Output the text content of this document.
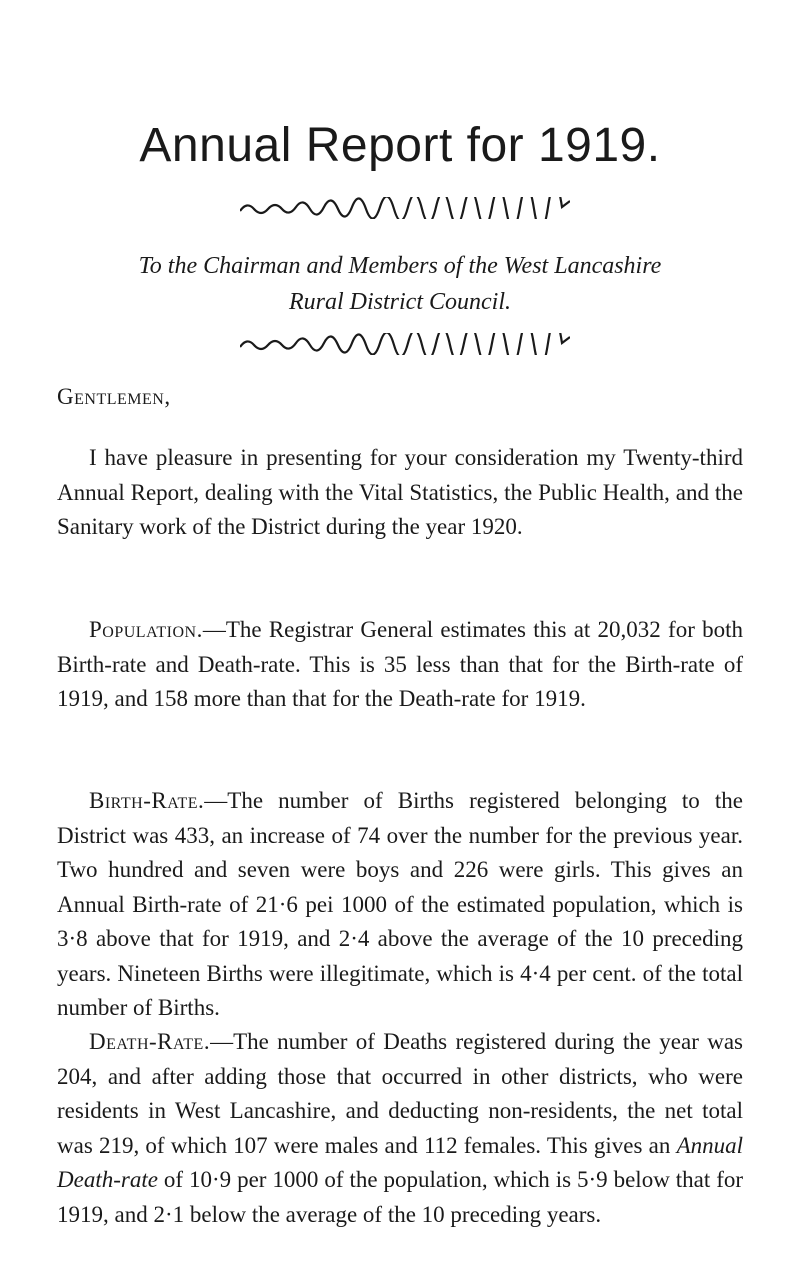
Annual Report for 1919.

To the Chairman and Members of the West Lancashire
Rural District Council.

Gentlemen,

I have pleasure in presenting for your consideration my Twenty-third Annual Report, dealing with the Vital Statistics, the Public Health, and the Sanitary work of the District during the year 1920.

Population.—The Registrar General estimates this at 20,032 for both Birth-rate and Death-rate. This is 35 less than that for the Birth-rate of 1919, and 158 more than that for the Death-rate for 1919.

Birth-Rate.—The number of Births registered belonging to the District was 433, an increase of 74 over the number for the previous year. Two hundred and seven were boys and 226 were girls. This gives an Annual Birth-rate of 21·6 pei 1000 of the estimated population, which is 3·8 above that for 1919, and 2·4 above the average of the 10 preceding years. Nineteen Births were illegitimate, which is 4·4 per cent. of the total number of Births.

Death-Rate.—The number of Deaths registered during the year was 204, and after adding those that occurred in other districts, who were residents in West Lancashire, and deducting non-residents, the net total was 219, of which 107 were males and 112 females. This gives an Annual Death-rate of 10·9 per 1000 of the population, which is 5·9 below that for 1919, and 2·1 below the average of the 10 preceding years.
